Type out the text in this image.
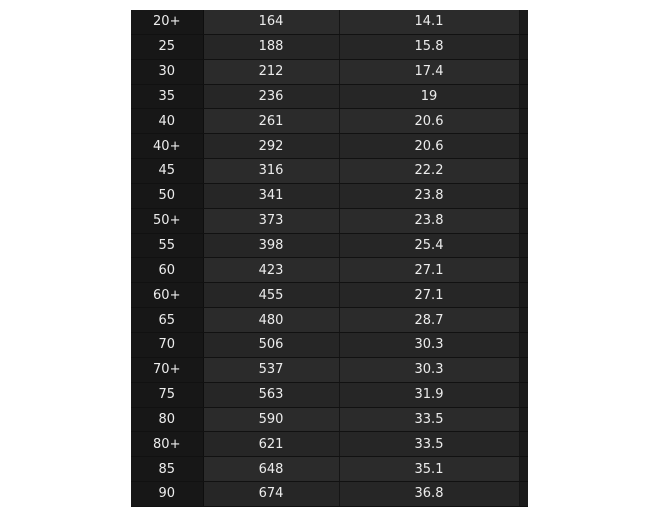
20+	164	14.1	
25	188	15.8	
30	212	17.4	
35	236	19	
40	261	20.6	
40+	292	20.6	
45	316	22.2	
50	341	23.8	
50+	373	23.8	
55	398	25.4	
60	423	27.1	
60+	455	27.1	
65	480	28.7	
70	506	30.3	
70+	537	30.3	
75	563	31.9	
80	590	33.5	
80+	621	33.5	
85	648	35.1	
90	674	36.8	
